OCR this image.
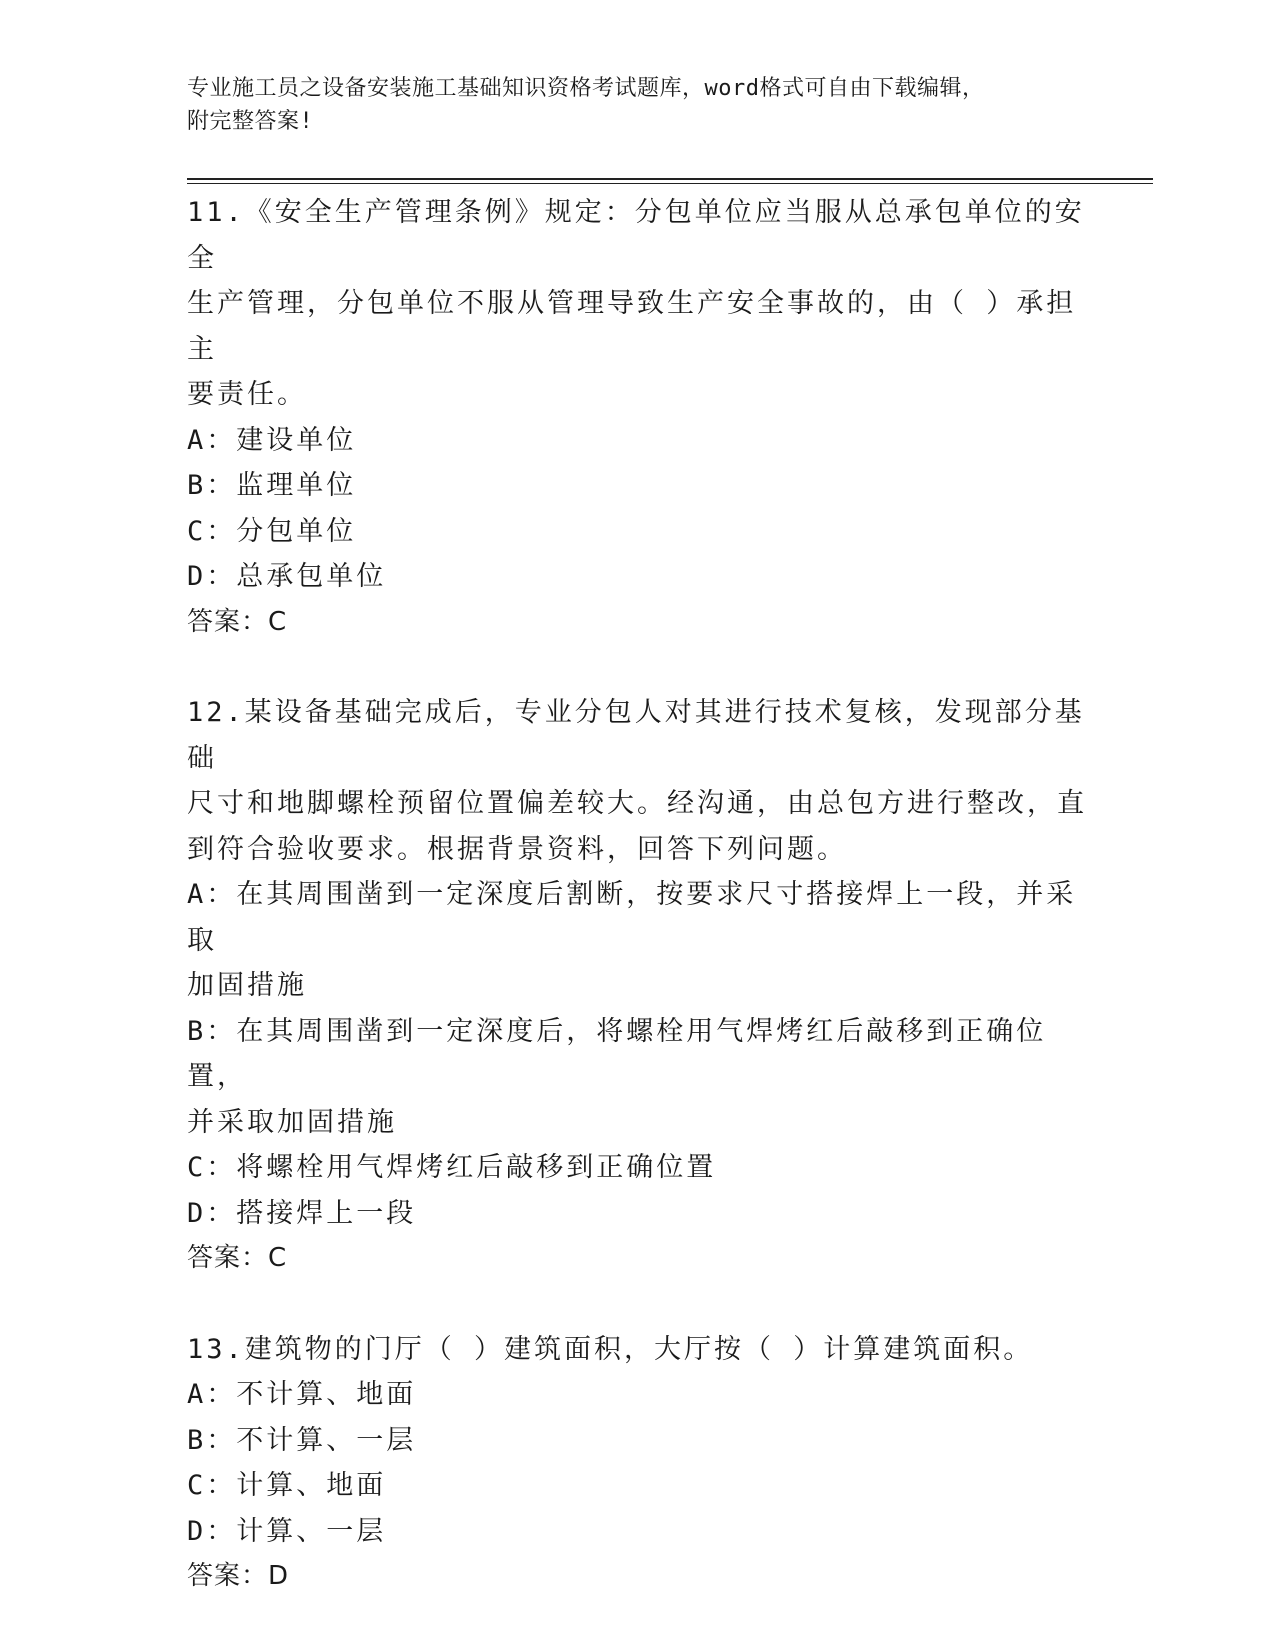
专业施工员之设备安装施工基础知识资格考试题库，word格式可自由下载编辑，
附完整答案!
11.《安全生产管理条例》规定：分包单位应当服从总承包单位的安全
生产管理，分包单位不服从管理导致生产安全事故的，由（ ）承担主
要责任。
A：建设单位
B：监理单位
C：分包单位
D：总承包单位
答案：C
12.某设备基础完成后，专业分包人对其进行技术复核，发现部分基础
尺寸和地脚螺栓预留位置偏差较大。经沟通，由总包方进行整改，直
到符合验收要求。根据背景资料，回答下列问题。
A：在其周围凿到一定深度后割断，按要求尺寸搭接焊上一段，并采取
加固措施
B：在其周围凿到一定深度后，将螺栓用气焊烤红后敲移到正确位置，
并采取加固措施
C：将螺栓用气焊烤红后敲移到正确位置
D：搭接焊上一段
答案：C
13.建筑物的门厅（ ）建筑面积，大厅按（ ）计算建筑面积。
A：不计算、地面
B：不计算、一层
C：计算、地面
D：计算、一层
答案：D
